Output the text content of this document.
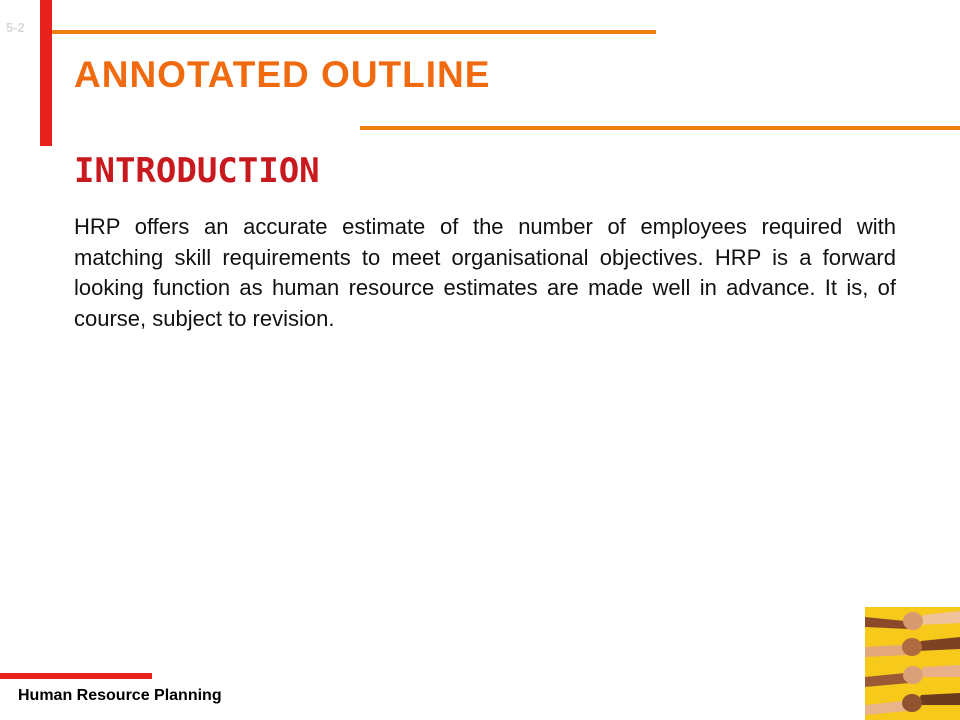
5-2
ANNOTATED OUTLINE
INTRODUCTION

HRP offers an accurate estimate of the number of employees required with matching skill requirements to meet organisational objectives. HRP is a forward looking function as human resource estimates are made well in advance. It is, of course, subject to revision.

Human Resource Planning
